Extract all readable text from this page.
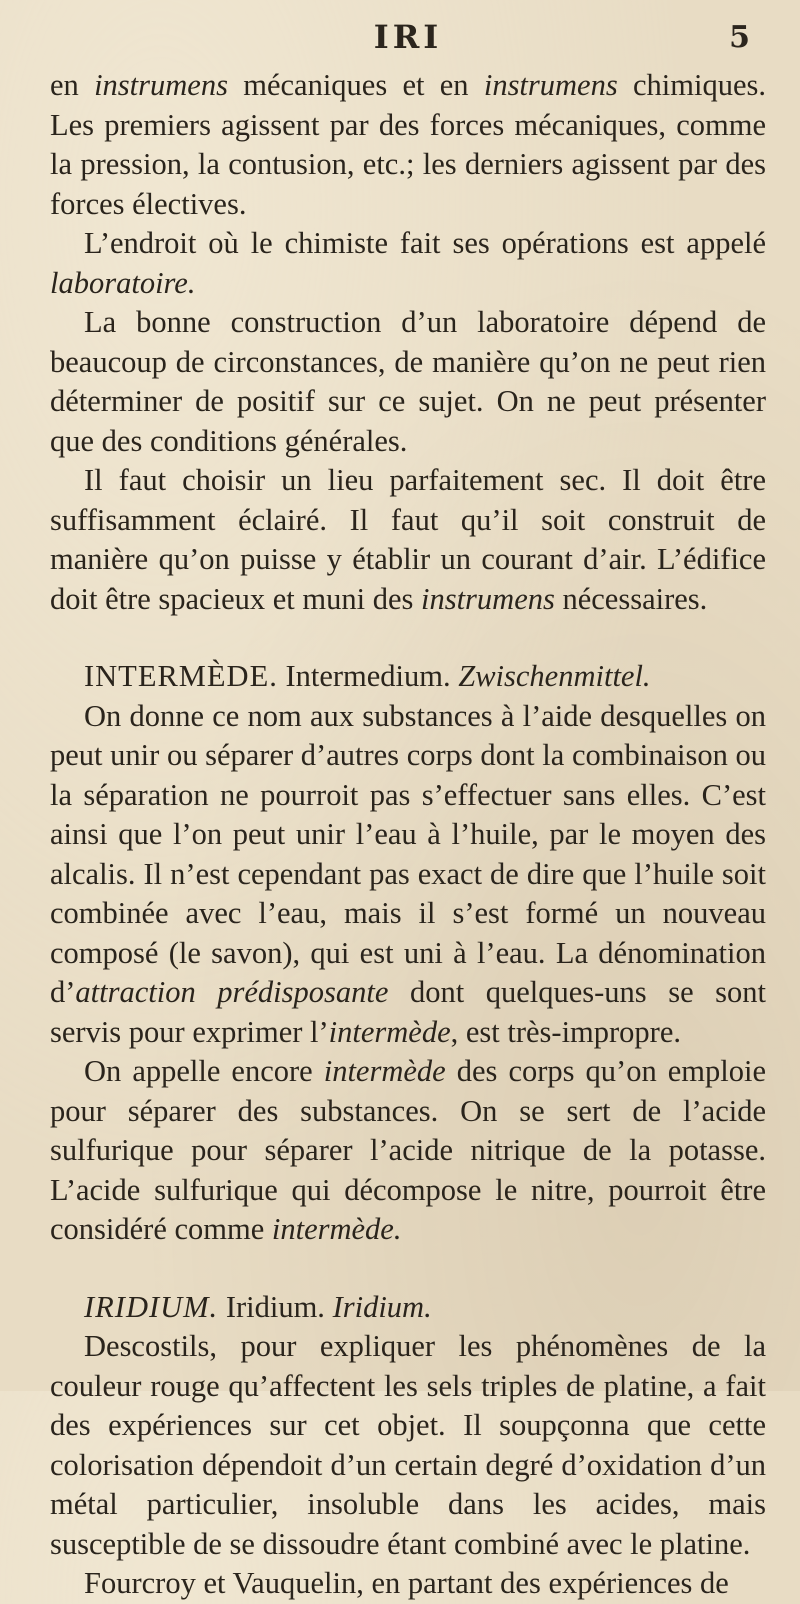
IRI	5

en instrumens mécaniques et en instrumens chimiques. Les premiers agissent par des forces mécaniques, comme la pression, la contusion, etc.; les derniers agissent par des forces électives.

L’endroit où le chimiste fait ses opérations est appelé laboratoire.

La bonne construction d’un laboratoire dépend de beaucoup de circonstances, de manière qu’on ne peut rien déterminer de positif sur ce sujet. On ne peut présenter que des conditions générales.

Il faut choisir un lieu parfaitement sec. Il doit être suffisamment éclairé. Il faut qu’il soit construit de manière qu’on puisse y établir un courant d’air. L’édifice doit être spacieux et muni des instrumens nécessaires.

INTERMÈDE. Intermedium. Zwischenmittel.

On donne ce nom aux substances à l’aide desquelles on peut unir ou séparer d’autres corps dont la combinaison ou la séparation ne pourroit pas s’effectuer sans elles. C’est ainsi que l’on peut unir l’eau à l’huile, par le moyen des alcalis. Il n’est cependant pas exact de dire que l’huile soit combinée avec l’eau, mais il s’est formé un nouveau composé (le savon), qui est uni à l’eau. La dénomination d’attraction prédisposante dont quelques-uns se sont servis pour exprimer l’intermède, est très-impropre.

On appelle encore intermède des corps qu’on emploie pour séparer des substances. On se sert de l’acide sulfurique pour séparer l’acide nitrique de la potasse. L’acide sulfurique qui décompose le nitre, pourroit être considéré comme intermède.

IRIDIUM. Iridium. Iridium.

Descostils, pour expliquer les phénomènes de la couleur rouge qu’affectent les sels triples de platine, a fait des expériences sur cet objet. Il soupçonna que cette colorisation dépendoit d’un certain degré d’oxidation d’un métal particulier, insoluble dans les acides, mais susceptible de se dissoudre étant combiné avec le platine.

Fourcroy et Vauquelin, en partant des expériences de
